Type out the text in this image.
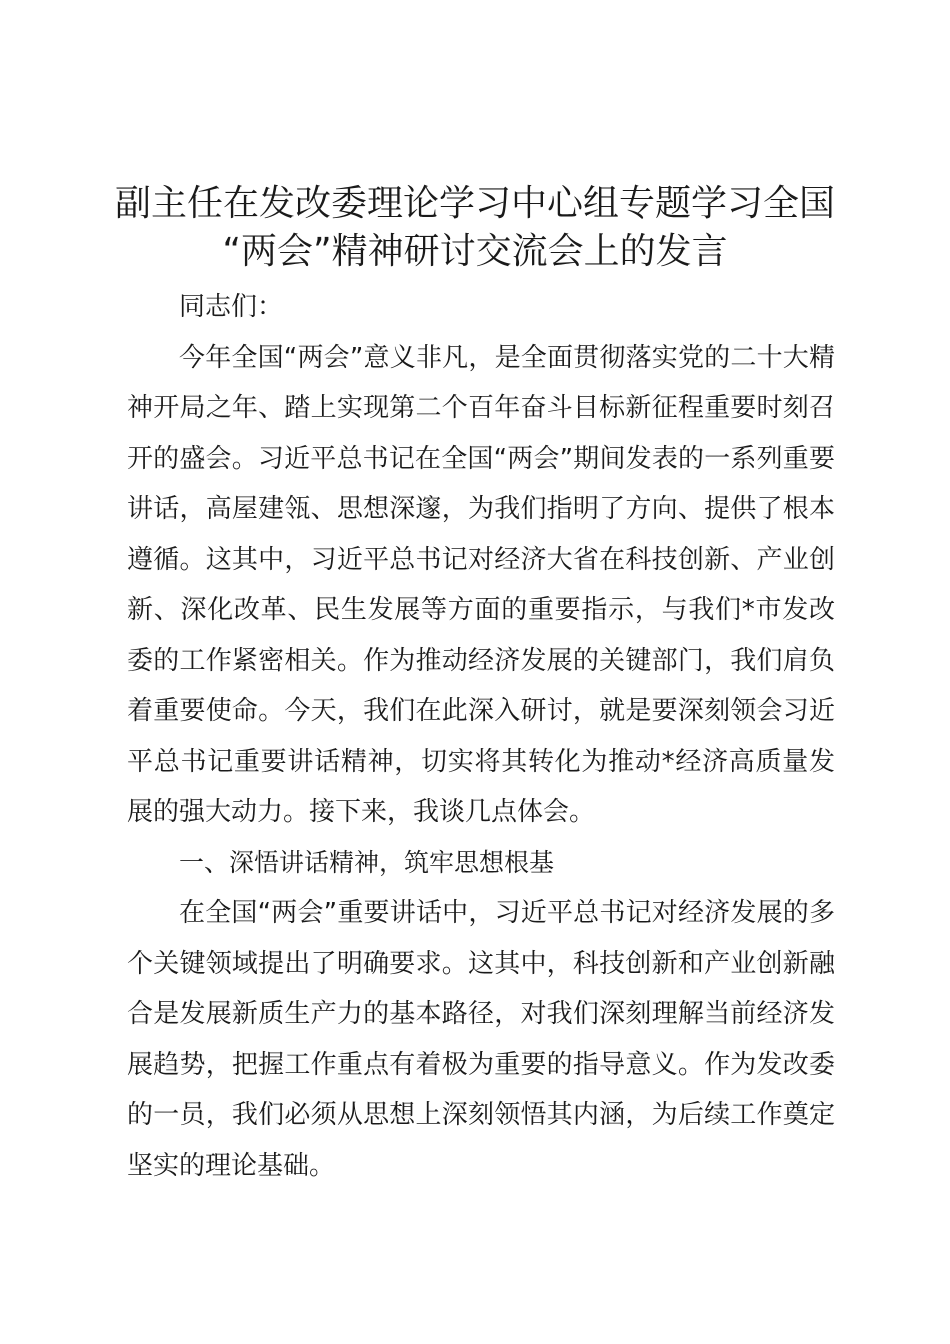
副主任在发改委理论学习中心组专题学习全国
“两会”精神研讨交流会上的发言

同志们：

今年全国“两会”意义非凡，是全面贯彻落实党的二十大精神开局之年、踏上实现第二个百年奋斗目标新征程重要时刻召开的盛会。习近平总书记在全国“两会”期间发表的一系列重要讲话，高屋建瓴、思想深邃，为我们指明了方向、提供了根本遵循。这其中，习近平总书记对经济大省在科技创新、产业创新、深化改革、民生发展等方面的重要指示，与我们*市发改委的工作紧密相关。作为推动经济发展的关键部门，我们肩负着重要使命。今天，我们在此深入研讨，就是要深刻领会习近平总书记重要讲话精神，切实将其转化为推动*经济高质量发展的强大动力。接下来，我谈几点体会。

一、深悟讲话精神，筑牢思想根基

在全国“两会”重要讲话中，习近平总书记对经济发展的多个关键领域提出了明确要求。这其中，科技创新和产业创新融合是发展新质生产力的基本路径，对我们深刻理解当前经济发展趋势，把握工作重点有着极为重要的指导意义。作为发改委的一员，我们必须从思想上深刻领悟其内涵，为后续工作奠定坚实的理论基础。
